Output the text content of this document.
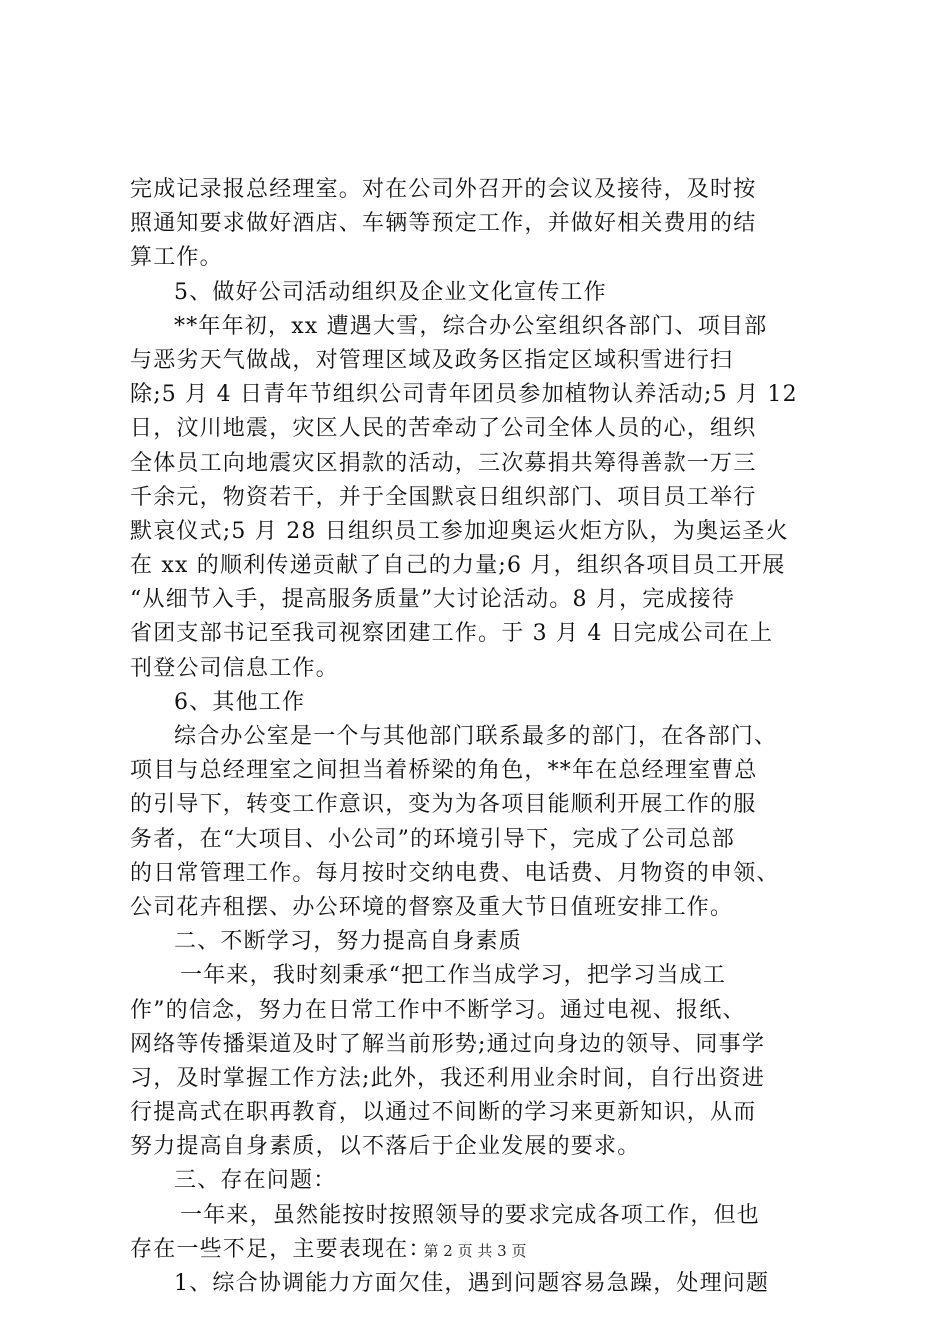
完成记录报总经理室。对在公司外召开的会议及接待，及时按
照通知要求做好酒店、车辆等预定工作，并做好相关费用的结
算工作。
5、做好公司活动组织及企业文化宣传工作
**年年初，xx 遭遇大雪，综合办公室组织各部门、项目部
与恶劣天气做战，对管理区域及政务区指定区域积雪进行扫
除;5 月 4 日青年节组织公司青年团员参加植物认养活动;5 月 12
日，汶川地震，灾区人民的苦牵动了公司全体人员的心，组织
全体员工向地震灾区捐款的活动，三次募捐共筹得善款一万三
千余元，物资若干，并于全国默哀日组织部门、项目员工举行
默哀仪式;5 月 28 日组织员工参加迎奥运火炬方队，为奥运圣火
在 xx 的顺利传递贡献了自己的力量;6 月，组织各项目员工开展
“从细节入手，提高服务质量”大讨论活动。8 月，完成接待
省团支部书记至我司视察团建工作。于 3 月 4 日完成公司在上
刊登公司信息工作。
6、其他工作
综合办公室是一个与其他部门联系最多的部门，在各部门、
项目与总经理室之间担当着桥梁的角色，**年在总经理室曹总
的引导下，转变工作意识，变为为各项目能顺利开展工作的服
务者，在“大项目、小公司”的环境引导下，完成了公司总部
的日常管理工作。每月按时交纳电费、电话费、月物资的申领、
公司花卉租摆、办公环境的督察及重大节日值班安排工作。
二、不断学习，努力提高自身素质
一年来，我时刻秉承“把工作当成学习，把学习当成工
作”的信念，努力在日常工作中不断学习。通过电视、报纸、
网络等传播渠道及时了解当前形势;通过向身边的领导、同事学
习，及时掌握工作方法;此外，我还利用业余时间，自行出资进
行提高式在职再教育，以通过不间断的学习来更新知识，从而
努力提高自身素质，以不落后于企业发展的要求。
三、存在问题：
一年来，虽然能按时按照领导的要求完成各项工作，但也
存在一些不足，主要表现在：
1、综合协调能力方面欠佳，遇到问题容易急躁，处理问题
第 2 页 共 3 页
